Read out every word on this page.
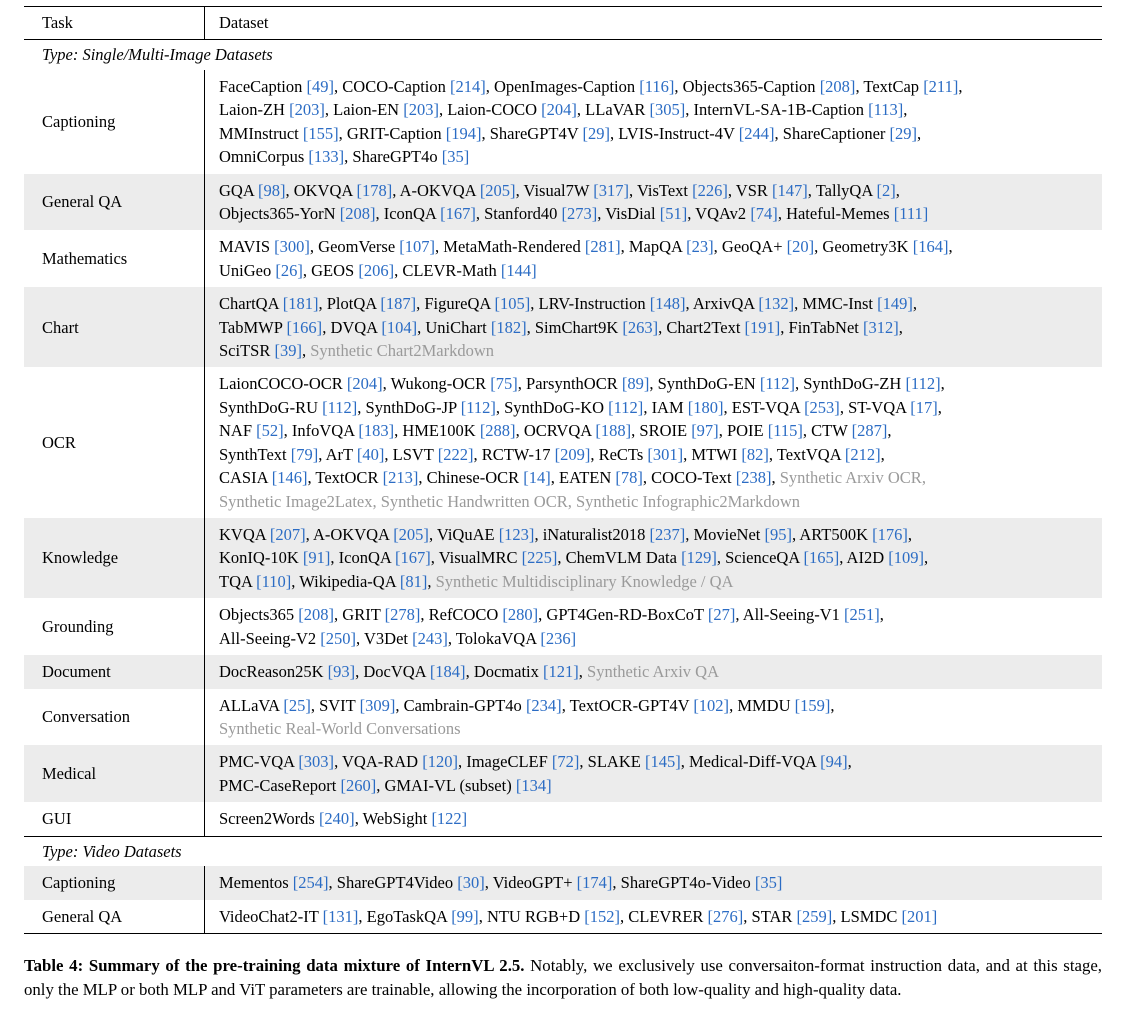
Task	Dataset
Type: Single/Multi-Image Datasets	
Captioning	FaceCaption [49], COCO-Caption [214], OpenImages-Caption [116], Objects365-Caption [208], TextCap [211],
Laion-ZH [203], Laion-EN [203], Laion-COCO [204], LLaVAR [305], InternVL-SA-1B-Caption [113],
MMInstruct [155], GRIT-Caption [194], ShareGPT4V [29], LVIS-Instruct-4V [244], ShareCaptioner [29],
OmniCorpus [133], ShareGPT4o [35]

General QA	GQA [98], OKVQA [178], A-OKVQA [205], Visual7W [317], VisText [226], VSR [147], TallyQA [2],
Objects365-YorN [208], IconQA [167], Stanford40 [273], VisDial [51], VQAv2 [74], Hateful-Memes [111]

Mathematics	MAVIS [300], GeomVerse [107], MetaMath-Rendered [281], MapQA [23], GeoQA+ [20], Geometry3K [164],
UniGeo [26], GEOS [206], CLEVR-Math [144]

Chart	ChartQA [181], PlotQA [187], FigureQA [105], LRV-Instruction [148], ArxivQA [132], MMC-Inst [149],
TabMWP [166], DVQA [104], UniChart [182], SimChart9K [263], Chart2Text [191], FinTabNet [312],
SciTSR [39], Synthetic Chart2Markdown

OCR	
LaionCOCO-OCR [204], Wukong-OCR [75], ParsynthOCR [89], SynthDoG-EN [112], SynthDoG-ZH [112],
SynthDoG-RU [112], SynthDoG-JP [112], SynthDoG-KO [112], IAM [180], EST-VQA [253], ST-VQA [17],
NAF [52], InfoVQA [183], HME100K [288], OCRVQA [188], SROIE [97], POIE [115], CTW [287],
SynthText [79], ArT [40], LSVT [222], RCTW-17 [209], ReCTs [301], MTWI [82], TextVQA [212],
CASIA [146], TextOCR [213], Chinese-OCR [14], EATEN [78], COCO-Text [238], Synthetic Arxiv OCR,
Synthetic Image2Latex, Synthetic Handwritten OCR, Synthetic Infographic2Markdown

Knowledge	KVQA [207], A-OKVQA [205], ViQuAE [123], iNaturalist2018 [237], MovieNet [95], ART500K [176],
KonIQ-10K [91], IconQA [167], VisualMRC [225], ChemVLM Data [129], ScienceQA [165], AI2D [109],
TQA [110], Wikipedia-QA [81], Synthetic Multidisciplinary Knowledge / QA

Grounding	Objects365 [208], GRIT [278], RefCOCO [280], GPT4Gen-RD-BoxCoT [27], All-Seeing-V1 [251],
All-Seeing-V2 [250], V3Det [243], TolokaVQA [236]

Document	DocReason25K [93], DocVQA [184], Docmatix [121], Synthetic Arxiv QA

Conversation	ALLaVA [25], SVIT [309], Cambrain-GPT4o [234], TextOCR-GPT4V [102], MMDU [159],
Synthetic Real-World Conversations

Medical	PMC-VQA [303], VQA-RAD [120], ImageCLEF [72], SLAKE [145], Medical-Diff-VQA [94],
PMC-CaseReport [260], GMAI-VL (subset) [134]

GUI	Screen2Words [240], WebSight [122]

Type: Video Datasets	
Captioning	Mementos [254], ShareGPT4Video [30], VideoGPT+ [174], ShareGPT4o-Video [35]

General QA	VideoChat2-IT [131], EgoTaskQA [99], NTU RGB+D [152], CLEVRER [276], STAR [259], LSMDC [201]

Table 4: Summary of the pre-training data mixture of InternVL 2.5. Notably, we exclusively use conversaiton-format instruction data, and at this stage, only the MLP or both MLP and ViT parameters are trainable, allowing the incorporation of both low-quality and high-quality data.
